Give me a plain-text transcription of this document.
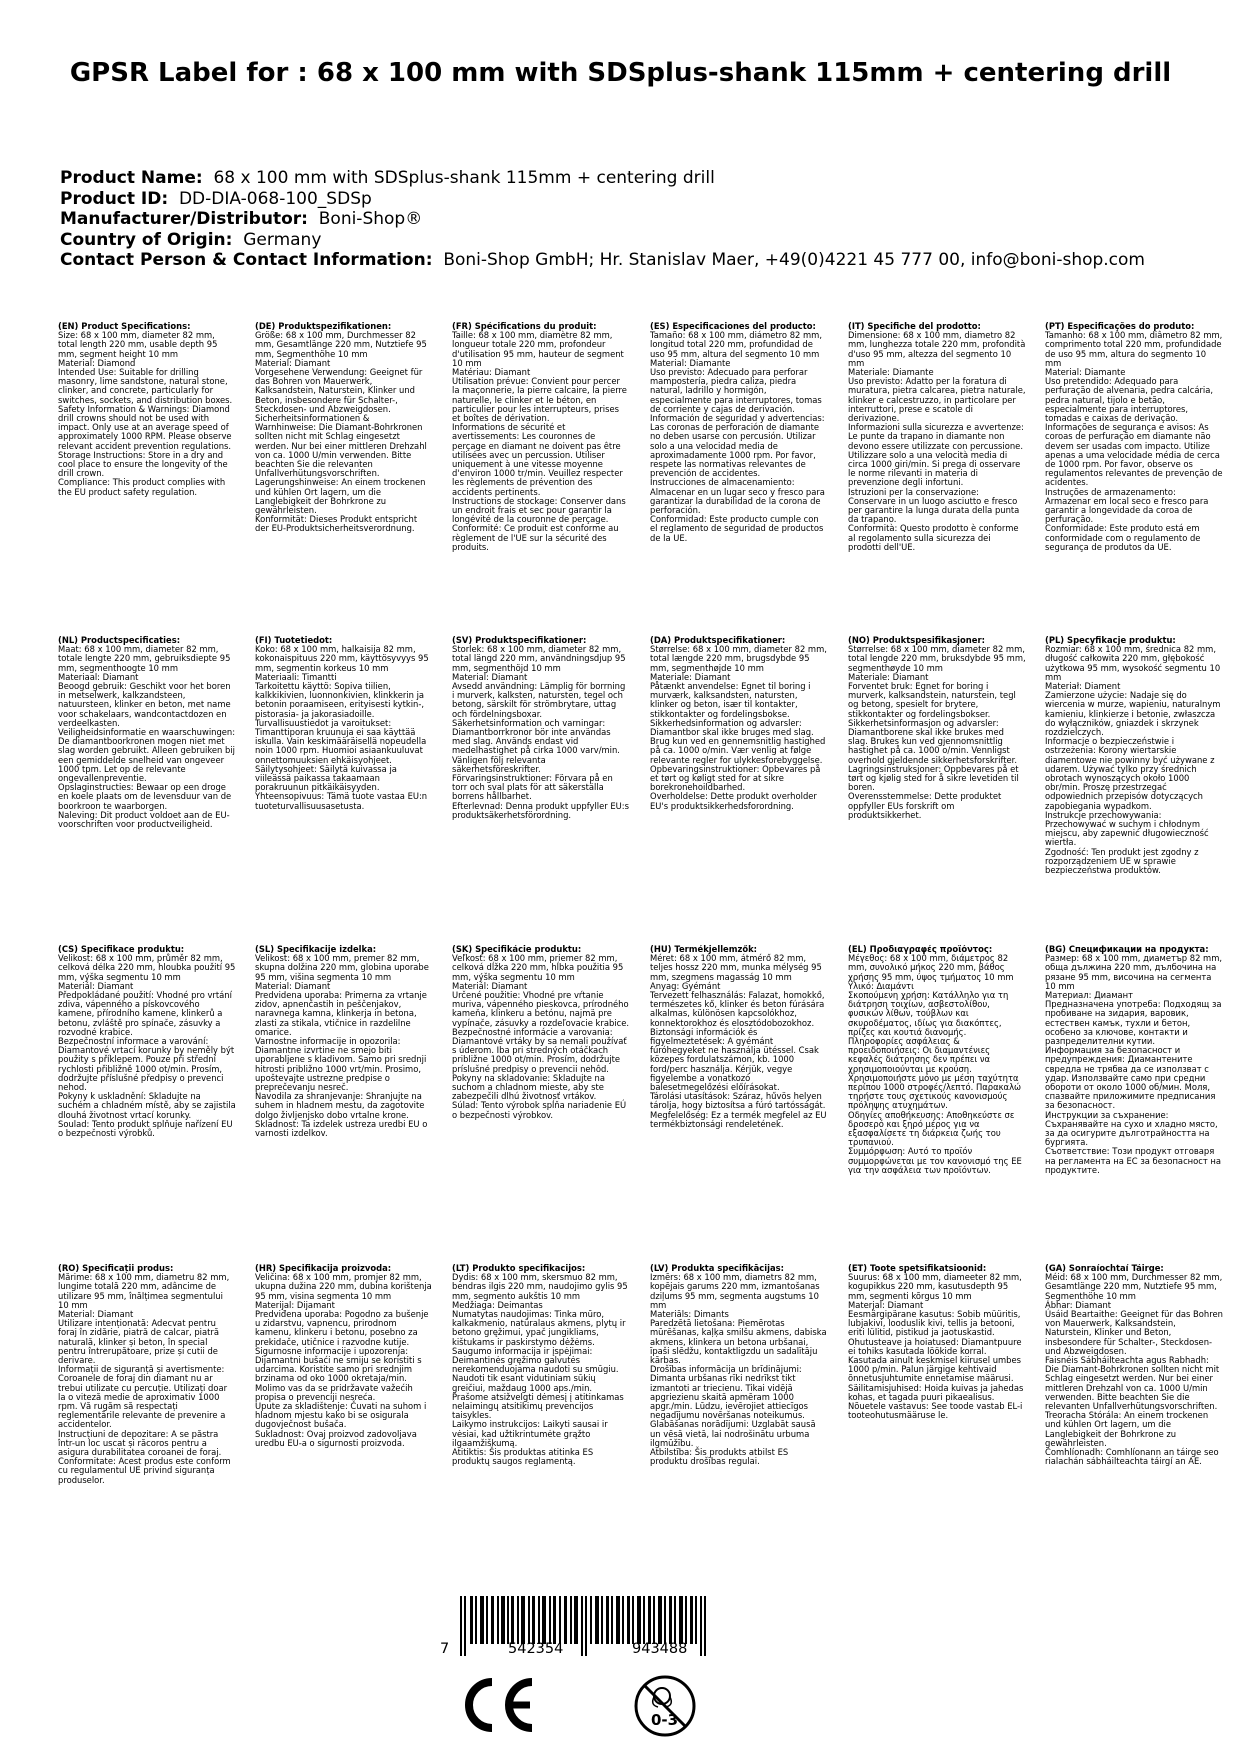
GPSR Label for : 68 x 100 mm with SDSplus-shank 115mm + centering drill
Product Name: 68 x 100 mm with SDSplus-shank 115mm + centering drill
Product ID: DD-DIA-068-100_SDSp
Manufacturer/Distributor: Boni-Shop®
Country of Origin: Germany
Contact Person & Contact Information: Boni-Shop GmbH; Hr. Stanislav Maer, +49(0)4221 45 777 00, info@boni-shop.com
(EN) Product Specifications:

Size: 68 x 100 mm, diameter 82 mm, total length 220 mm, usable depth 95 mm, segment height 10 mm
Material: Diamond
Intended Use: Suitable for drilling masonry, lime sandstone, natural stone, clinker, and concrete, particularly for switches, sockets, and distribution boxes.
Safety Information & Warnings: Diamond drill crowns should not be used with impact. Only use at an average speed of approximately 1000 RPM. Please observe relevant accident prevention regulations.
Storage Instructions: Store in a dry and cool place to ensure the longevity of the drill crown.
Compliance: This product complies with the EU product safety regulation.

(DE) Produktspezifikationen:

Größe: 68 x 100 mm, Durchmesser 82 mm, Gesamtlänge 220 mm, Nutztiefe 95 mm, Segmenthöhe 10 mm
Material: Diamant
Vorgesehene Verwendung: Geeignet für das Bohren von Mauerwerk, Kalksandstein, Naturstein, Klinker und Beton, insbesondere für Schalter-, Steckdosen- und Abzweigdosen.
Sicherheitsinformationen & Warnhinweise: Die Diamant-Bohrkronen sollten nicht mit Schlag eingesetzt werden. Nur bei einer mittleren Drehzahl von ca. 1000 U/min verwenden. Bitte beachten Sie die relevanten Unfallverhütungsvorschriften.
Lagerungshinweise: An einem trockenen und kühlen Ort lagern, um die Langlebigkeit der Bohrkrone zu gewährleisten.
Konformität: Dieses Produkt entspricht der EU-Produktsicherheitsverordnung.

(FR) Spécifications du produit:

Taille: 68 x 100 mm, diamètre 82 mm, longueur totale 220 mm, profondeur d'utilisation 95 mm, hauteur de segment 10 mm
Matériau: Diamant
Utilisation prévue: Convient pour percer la maçonnerie, la pierre calcaire, la pierre naturelle, le clinker et le béton, en particulier pour les interrupteurs, prises et boîtes de dérivation.
Informations de sécurité et avertissements: Les couronnes de perçage en diamant ne doivent pas être utilisées avec un percussion. Utiliser uniquement à une vitesse moyenne d'environ 1000 tr/min. Veuillez respecter les règlements de prévention des accidents pertinents.
Instructions de stockage: Conserver dans un endroit frais et sec pour garantir la longévité de la couronne de perçage.
Conformité: Ce produit est conforme au règlement de l'UE sur la sécurité des produits.

(ES) Especificaciones del producto:

Tamaño: 68 x 100 mm, diámetro 82 mm, longitud total 220 mm, profundidad de uso 95 mm, altura del segmento 10 mm
Material: Diamante
Uso previsto: Adecuado para perforar mampostería, piedra caliza, piedra natural, ladrillo y hormigón, especialmente para interruptores, tomas de corriente y cajas de derivación.
Información de seguridad y advertencias: Las coronas de perforación de diamante no deben usarse con percusión. Utilizar solo a una velocidad media de aproximadamente 1000 rpm. Por favor, respete las normativas relevantes de prevención de accidentes.
Instrucciones de almacenamiento: Almacenar en un lugar seco y fresco para garantizar la durabilidad de la corona de perforación.
Conformidad: Este producto cumple con el reglamento de seguridad de productos de la UE.

(IT) Specifiche del prodotto:

Dimensione: 68 x 100 mm, diametro 82 mm, lunghezza totale 220 mm, profondità d'uso 95 mm, altezza del segmento 10 mm
Materiale: Diamante
Uso previsto: Adatto per la foratura di muratura, pietra calcarea, pietra naturale, klinker e calcestruzzo, in particolare per interruttori, prese e scatole di derivazione.
Informazioni sulla sicurezza e avvertenze: Le punte da trapano in diamante non devono essere utilizzate con percussione. Utilizzare solo a una velocità media di circa 1000 giri/min. Si prega di osservare le norme rilevanti in materia di prevenzione degli infortuni.
Istruzioni per la conservazione: Conservare in un luogo asciutto e fresco per garantire la lunga durata della punta da trapano.
Conformità: Questo prodotto è conforme al regolamento sulla sicurezza dei prodotti dell'UE.

(PT) Especificações do produto:

Tamanho: 68 x 100 mm, diâmetro 82 mm, comprimento total 220 mm, profundidade de uso 95 mm, altura do segmento 10 mm
Material: Diamante
Uso pretendido: Adequado para perfuração de alvenaria, pedra calcária, pedra natural, tijolo e betão, especialmente para interruptores, tomadas e caixas de derivação.
Informações de segurança e avisos: As coroas de perfuração em diamante não devem ser usadas com impacto. Utilize apenas a uma velocidade média de cerca de 1000 rpm. Por favor, observe os regulamentos relevantes de prevenção de acidentes.
Instruções de armazenamento: Armazenar em local seco e fresco para garantir a longevidade da coroa de perfuração.
Conformidade: Este produto está em conformidade com o regulamento de segurança de produtos da UE.

(NL) Productspecificaties:

Maat: 68 x 100 mm, diameter 82 mm, totale lengte 220 mm, gebruiksdiepte 95 mm, segmenthoogte 10 mm
Materiaal: Diamant
Beoogd gebruik: Geschikt voor het boren in metselwerk, kalkzandsteen, natuursteen, klinker en beton, met name voor schakelaars, wandcontactdozen en verdeelkasten.
Veiligheidsinformatie en waarschuwingen: De diamantboorkronen mogen niet met slag worden gebruikt. Alleen gebruiken bij een gemiddelde snelheid van ongeveer 1000 tpm. Let op de relevante ongevallenpreventie.
Opslaginstructies: Bewaar op een droge en koele plaats om de levensduur van de boorkroon te waarborgen.
Naleving: Dit product voldoet aan de EU-voorschriften voor productveiligheid.

(FI) Tuotetiedot:

Koko: 68 x 100 mm, halkaisija 82 mm, kokonaispituus 220 mm, käyttösyvyys 95 mm, segmentin korkeus 10 mm
Materiaali: Timantti
Tarkoitettu käyttö: Sopiva tiilien, kalkkikivien, luonnonkivien, klinkkerin ja betonin poraamiseen, erityisesti kytkin-, pistorasia- ja jakorasiadoille.
Turvallisuustiedot ja varoitukset: Timanttiporan kruunuja ei saa käyttää iskulla. Vain keskimääräisellä nopeudella noin 1000 rpm. Huomioi asiaankuuluvat onnettomuuksien ehkäisyohjeet.
Säilytysohjeet: Säilytä kuivassa ja viileässä paikassa takaamaan porakruunun pitkäikäisyyden.
Yhteensopivuus: Tämä tuote vastaa EU:n tuoteturvallisuusasetusta.

(SV) Produktspecifikationer:

Storlek: 68 x 100 mm, diameter 82 mm, total längd 220 mm, användningsdjup 95 mm, segmenthöjd 10 mm
Material: Diamant
Avsedd användning: Lämplig för borrning i murverk, kalksten, natursten, tegel och betong, särskilt för strömbrytare, uttag och fördelningsboxar.
Säkerhetsinformation och varningar: Diamantborrkronor bör inte användas med slag. Används endast vid medelhastighet på cirka 1000 varv/min. Vänligen följ relevanta säkerhetsföreskrifter.
Förvaringsinstruktioner: Förvara på en torr och sval plats för att säkerställa borrens hållbarhet.
Efterlevnad: Denna produkt uppfyller EU:s produktsäkerhetsförordning.

(DA) Produktspecifikationer:

Størrelse: 68 x 100 mm, diameter 82 mm, total længde 220 mm, brugsdybde 95 mm, segmenthøjde 10 mm
Materiale: Diamant
Påtænkt anvendelse: Egnet til boring i murværk, kalksandsten, natursten, klinker og beton, især til kontakter, stikkontakter og fordelingsbokse.
Sikkerhedsinformation og advarsler: Diamantbor skal ikke bruges med slag. Brug kun ved en gennemsnitlig hastighed på ca. 1000 o/min. Vær venlig at følge relevante regler for ulykkesforebyggelse.
Opbevaringsinstruktioner: Opbevares på et tørt og køligt sted for at sikre borekronehoildbarhed.
Overholdelse: Dette produkt overholder EU's produktsikkerhedsforordning.

(NO) Produktspesifikasjoner:

Størrelse: 68 x 100 mm, diameter 82 mm, total lengde 220 mm, bruksdybde 95 mm, segmenthøyde 10 mm
Materiale: Diamant
Forventet bruk: Egnet for boring i murverk, kalksandstein, naturstein, tegl og betong, spesielt for brytere, stikkontakter og fordelingsbokser.
Sikkerhetsinformasjon og advarsler: Diamantborene skal ikke brukes med slag. Brukes kun ved gjennomsnittlig hastighet på ca. 1000 o/min. Vennligst overhold gjeldende sikkerhetsforskrifter.
Lagringsinstruksjoner: Oppbevares på et tørt og kjølig sted for å sikre levetiden til boren.
Overensstemmelse: Dette produktet oppfyller EUs forskrift om produktsikkerhet.

(PL) Specyfikacje produktu:

Rozmiar: 68 x 100 mm, średnica 82 mm, długość całkowita 220 mm, głębokość użytkowa 95 mm, wysokość segmentu 10 mm
Materiał: Diament
Zamierzone użycie: Nadaje się do wiercenia w murze, wapieniu, naturalnym kamieniu, klinkierze i betonie, zwłaszcza do wyłączników, gniazdek i skrzynek rozdzielczych.
Informacje o bezpieczeństwie i ostrzeżenia: Korony wiertarskie diamentowe nie powinny być używane z udarem. Używać tylko przy średnich obrotach wynoszących około 1000 obr/min. Proszę przestrzegać odpowiednich przepisów dotyczących zapobiegania wypadkom.
Instrukcje przechowywania: Przechowywać w suchym i chłodnym miejscu, aby zapewnić długowieczność wiertła.
Zgodność: Ten produkt jest zgodny z rozporządzeniem UE w sprawie bezpieczeństwa produktów.

(CS) Specifikace produktu:

Velikost: 68 x 100 mm, průměr 82 mm, celková délka 220 mm, hloubka použití 95 mm, výška segmentu 10 mm
Materiál: Diamant
Předpokládané použití: Vhodné pro vrtání zdiva, vápenného a pískovcového kamene, přírodního kamene, klinkerů a betonu, zvláště pro spínače, zásuvky a rozvodné krabice.
Bezpečnostní informace a varování: Diamantové vrtací korunky by neměly být použity s příklepem. Pouze při střední rychlosti přibližně 1000 ot/min. Prosím, dodržujte příslušné předpisy o prevenci nehod.
Pokyny k uskladnění: Skladujte na suchém a chladném místě, aby se zajistila dlouhá životnost vrtací korunky.
Soulad: Tento produkt splňuje nařízení EU o bezpečnosti výrobků.

(SL) Specifikacije izdelka:

Velikost: 68 x 100 mm, premer 82 mm, skupna dolžina 220 mm, globina uporabe 95 mm, višina segmenta 10 mm
Material: Diamant
Predvidena uporaba: Primerna za vrtanje zidov, apnenčastih in peščenjakov, naravnega kamna, klinkerja in betona, zlasti za stikala, vtičnice in razdelilne omarice.
Varnostne informacije in opozorila: Diamantne izvrtine ne smejo biti uporabljene s kladivom. Samo pri srednji hitrosti približno 1000 vrt/min. Prosimo, upoštevajte ustrezne predpise o preprečevanju nesreč.
Navodila za shranjevanje: Shranjujte na suhem in hladnem mestu, da zagotovite dolgo življenjsko dobo vrtalne krone.
Skladnost: Ta izdelek ustreza uredbi EU o varnosti izdelkov.

(SK) Špecifikácie produktu:

Veľkosť: 68 x 100 mm, priemer 82 mm, celková dĺžka 220 mm, hĺbka použitia 95 mm, výška segmentu 10 mm
Materiál: Diamant
Určené použitie: Vhodné pre vŕtanie muriva, vápenného pieskovca, prírodného kameňa, klinkeru a betónu, najmä pre vypínače, zásuvky a rozdeľovacie krabice.
Bezpečnostné informácie a varovania: Diamantové vrtáky by sa nemali používať s úderom. Iba pri stredných otáčkach približne 1000 ot/min. Prosím, dodržujte príslušné predpisy o prevencii nehôd.
Pokyny na skladovanie: Skladujte na suchom a chladnom mieste, aby ste zabezpečili dlhú životnosť vrtákov.
Súlad: Tento výrobok spĺňa nariadenie EÚ o bezpečnosti výrobkov.

(HU) Termékjellemzők:

Méret: 68 x 100 mm, átmérő 82 mm, teljes hossz 220 mm, munka mélység 95 mm, szegmens magasság 10 mm
Anyag: Gyémánt
Tervezett felhasználás: Falazat, homokkő, természetes kő, klinker és beton fúrására alkalmas, különösen kapcsolókhoz, konnektorokhoz és elosztódobozokhoz.
Biztonsági információk és figyelmeztetések: A gyémánt fúróhegyeket ne használja ütéssel. Csak közepes fordulatszámon, kb. 1000 ford/perc használja. Kérjük, vegye figyelembe a vonatkozó balesetmegelőzési előírásokat.
Tárolási utasítások: Száraz, hűvös helyen tárolja, hogy biztosítsa a fúró tartósságát.
Megfelelőség: Ez a termék megfelel az EU termékbiztonsági rendeletének.

(EL) Προδιαγραφές προϊόντος:

Μέγεθος: 68 x 100 mm, διάμετρος 82 mm, συνολικό μήκος 220 mm, βάθος χρήσης 95 mm, ύψος τμήματος 10 mm
Υλικό: Διαμάντι
Σκοπούμενη χρήση: Κατάλληλο για τη διάτρηση τοιχίων, ασβεστολίθου, φυσικών λίθων, τούβλων και σκυροδέματος, ιδίως για διακόπτες, πρίζες και κουτιά διανομής.
Πληροφορίες ασφάλειας & προειδοποιήσεις: Οι διαμαντένιες κεφαλές διάτρησης δεν πρέπει να χρησιμοποιούνται με κρούση. Χρησιμοποιήστε μόνο με μέση ταχύτητα περίπου 1000 στροφές/λεπτό. Παρακαλώ τηρήστε τους σχετικούς κανονισμούς πρόληψης ατυχημάτων.
Οδηγίες αποθήκευσης: Αποθηκεύστε σε δροσερό και ξηρό μέρος για να εξασφαλίσετε τη διάρκεια ζωής του τρυπανιού.
Συμμόρφωση: Αυτό το προϊόν συμμορφώνεται με τον κανονισμό της ΕΕ για την ασφάλεια των προϊόντων.

(BG) Спецификации на продукта:

Размер: 68 x 100 mm, диаметър 82 mm, обща дължина 220 mm, дълбочина на рязане 95 mm, височина на сегмента 10 mm
Материал: Диамант
Предназначена употреба: Подходящ за пробиване на зидария, варовик, естествен камък, тухли и бетон, особено за ключове, контакти и разпределителни кутии.
Информация за безопасност и предупреждения: Диамантените свредла не трябва да се използват с удар. Използвайте само при средни обороти от около 1000 об/мин. Моля, спазвайте приложимите предписания за безопасност.
Инструкции за съхранение: Съхранявайте на сухо и хладно място, за да осигурите дълготрайността на бургията.
Съответствие: Този продукт отговаря на регламента на ЕС за безопасност на продуктите.

(RO) Specificații produs:

Mărime: 68 x 100 mm, diametru 82 mm, lungime totală 220 mm, adâncime de utilizare 95 mm, înălțimea segmentului 10 mm
Material: Diamant
Utilizare intenționată: Adecvat pentru foraj în zidărie, piatră de calcar, piatră naturală, klinker și beton, în special pentru întrerupătoare, prize și cutii de derivare.
Informații de siguranță și avertismente: Coroanele de foraj din diamant nu ar trebui utilizate cu percuție. Utilizați doar la o viteză medie de aproximativ 1000 rpm. Vă rugăm să respectați reglementările relevante de prevenire a accidentelor.
Instrucțiuni de depozitare: A se păstra într-un loc uscat și răcoros pentru a asigura durabilitatea coroanei de foraj.
Conformitate: Acest produs este conform cu regulamentul UE privind siguranța produselor.

(HR) Specifikacija proizvoda:

Veličina: 68 x 100 mm, promjer 82 mm, ukupna dužina 220 mm, dubina korištenja 95 mm, visina segmenta 10 mm
Materijal: Dijamant
Predviđena uporaba: Pogodno za bušenje u zidarstvu, vapnencu, prirodnom kamenu, klinkeru i betonu, posebno za prekidače, utičnice i razvodne kutije.
Sigurnosne informacije i upozorenja: Dijamantni bušaći ne smiju se koristiti s udarcima. Koristite samo pri srednjim brzinama od oko 1000 okretaja/min. Molimo vas da se pridržavate važećih propisa o prevenciji nesreća.
Upute za skladištenje: Čuvati na suhom i hladnom mjestu kako bi se osigurala dugovječnost bušača.
Sukladnost: Ovaj proizvod zadovoljava uredbu EU-a o sigurnosti proizvoda.

(LT) Produkto specifikacijos:

Dydis: 68 x 100 mm, skersmuo 82 mm, bendras ilgis 220 mm, naudojimo gylis 95 mm, segmento aukštis 10 mm
Medžiaga: Deimantas
Numatytas naudojimas: Tinka mūro, kalkakmenio, natūralaus akmens, plytų ir betono gręžimui, ypač jungikliams, kištukams ir paskirstymo dėžėms.
Saugumo informacija ir įspėjimai: Deimantinės gręžimo galvutės nerekomenduojama naudoti su smūgiu. Naudoti tik esant vidutiniam sūkių greičiui, maždaug 1000 aps./min. Prašome atsižvelgti dėmesį į atitinkamas nelaimingų atsitikimų prevencijos taisykles.
Laikymo instrukcijos: Laikyti sausai ir vėsiai, kad užtikrintumėte grąžto ilgaamžiškumą.
Atitiktis: Šis produktas atitinka ES produktų saugos reglamentą.

(LV) Produkta specifikācijas:

Izmērs: 68 x 100 mm, diametrs 82 mm, kopējais garums 220 mm, izmantošanas dziļums 95 mm, segmenta augstums 10 mm
Materiāls: Dimants
Paredzētā lietošana: Piemērotas mūrēšanas, kaļķa smilšu akmens, dabiska akmens, klinkera un betona urbšanai, īpaši slēdžu, kontaktligzdu un sadalītāju kārbas.
Drošības informācija un brīdinājumi: Dimanta urbšanas rīki nedrīkst tikt izmantoti ar triecienu. Tikai vidējā apgriezienu skaitā apmēram 1000 apgr./min. Lūdzu, ievērojiet attiecīgos negadījumu novēršanas noteikumus.
Glabāšanas norādījumi: Uzglabāt sausā un vēsā vietā, lai nodrošinātu urbuma ilgmūžību.
Atbilstība: Šis produkts atbilst ES produktu drošības regulai.

(ET) Toote spetsifikatsioonid:

Suurus: 68 x 100 mm, diameeter 82 mm, kogupikkus 220 mm, kasutusdepth 95 mm, segmenti kõrgus 10 mm
Materjal: Diamant
Eesmärgipärane kasutus: Sobib müüritis, lubjakivi, looduslik kivi, tellis ja betooni, eriti lülitid, pistikud ja jaotuskastid.
Ohutusteave ja hoiatused: Diamantpuure ei tohiks kasutada löökide korral. Kasutada ainult keskmisel kiirusel umbes 1000 p/min. Palun järgige kehtivaid õnnetusjuhtumite ennetamise määrusi.
Säilitamisjuhised: Hoida kuivas ja jahedas kohas, et tagada puuri pikaealisus.
Nõuetele vastavus: See toode vastab EL-i tooteohutusmääruse le.

(GA) Sonraíochtaí Táirge:

Méid: 68 x 100 mm, Durchmesser 82 mm, Gesamtlänge 220 mm, Nutztiefe 95 mm, Segmenthöhe 10 mm
Ábhar: Diamant
Úsáid Beartaithe: Geeignet für das Bohren von Mauerwerk, Kalksandstein, Naturstein, Klinker und Beton, insbesondere für Schalter-, Steckdosen- und Abzweigdosen.
Faisnéis Sábháilteachta agus Rabhadh: Die Diamant-Bohrkronen sollten nicht mit Schlag eingesetzt werden. Nur bei einer mittleren Drehzahl von ca. 1000 U/min verwenden. Bitte beachten Sie die relevanten Unfallverhütungsvorschriften.
Treoracha Stórála: An einem trockenen und kühlen Ort lagern, um die Langlebigkeit der Bohrkrone zu gewährleisten.
Comhlíonadh: Comhlíonann an táirge seo rialachán sábháilteachta táirgí an AE.

7	542354	943488
0-3
